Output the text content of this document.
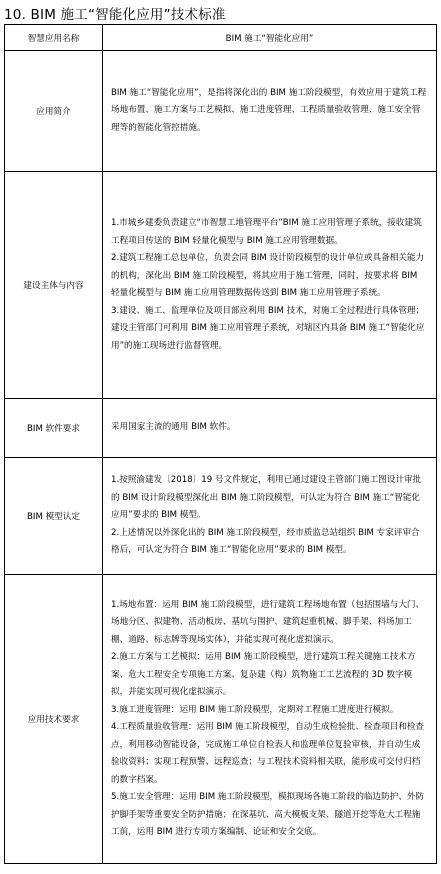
10. BIM 施工“智能化应用”技术标准
智慧应用名称	BIM 施工“智能化应用”
应用简介	BIM 施工“智能化应用”，是指将深化出的 BIM 施工阶段模型，有效应用于建筑工程场地布置、施工方案与工艺模拟、施工进度管理、工程质量验收管理、施工安全管理等的智能化管控措施。

建设主体与内容	1.市城乡建委负责建立“市智慧工地管理平台”BIM 施工应用管理子系统，接收建筑工程项目传送的 BIM 轻量化模型与 BIM 施工应用管理数据。

2.建筑工程施工总包单位，负责会同 BIM 设计阶段模型的设计单位或具备相关能力的机构，深化出 BIM 施工阶段模型，将其应用于施工管理，同时，按要求将 BIM 轻量化模型与 BIM 施工应用管理数据传送到 BIM 施工应用管理子系统。

3.建设、施工、监理单位及项目部应利用 BIM 技术，对施工全过程进行具体管理；建设主管部门可利用 BIM 施工应用管理子系统，对辖区内具备 BIM 施工“智能化应用”的施工现场进行监督管理。

BIM 软件要求	采用国家主流的通用 BIM 软件。

BIM 模型认定	1.按照渝建发〔2018〕19 号文件规定，利用已通过建设主管部门施工图设计审批的 BIM 设计阶段模型深化出 BIM 施工阶段模型，可认定为符合 BIM 施工“智能化应用”要求的 BIM 模型。

2.上述情况以外深化出的 BIM 施工阶段模型，经市质监总站组织 BIM 专家评审合格后，可认定为符合 BIM 施工“智能化应用”要求的 BIM 模型。

应用技术要求	1.场地布置：运用 BIM 施工阶段模型，进行建筑工程场地布置（包括围墙与大门、场地分区、拟建物、活动板房、基坑与围护、建筑起重机械、脚手架、料场加工棚、道路、标志牌等现场实体），并能实现可视化虚拟演示。

2.施工方案与工艺模拟：运用 BIM 施工阶段模型，进行建筑工程关键施工技术方案、危大工程安全专项施工方案、复杂建（构）筑物施工工艺流程的 3D 数字模拟，并能实现可视化虚拟演示。

3.施工进度管理：运用 BIM 施工阶段模型，定期对工程施工进度进行模拟。

4.工程质量验收管理：运用 BIM 施工阶段模型，自动生成检验批、检查项目和检查点，利用移动智能设备，完成施工单位自检表人和监理单位复验审核，并自动生成验收资料；实现工程预警、远程巡查；与工程技术资料相关联，能形成可交付归档的数字档案。

5.施工安全管理：运用 BIM 施工阶段模型，模拟现场各施工阶段的临边防护、外防护脚手架等重要安全防护措施；在深基坑、高大模板支架、隧道开挖等危大工程施工前，运用 BIM 进行专项方案编制、论证和安全交底。
